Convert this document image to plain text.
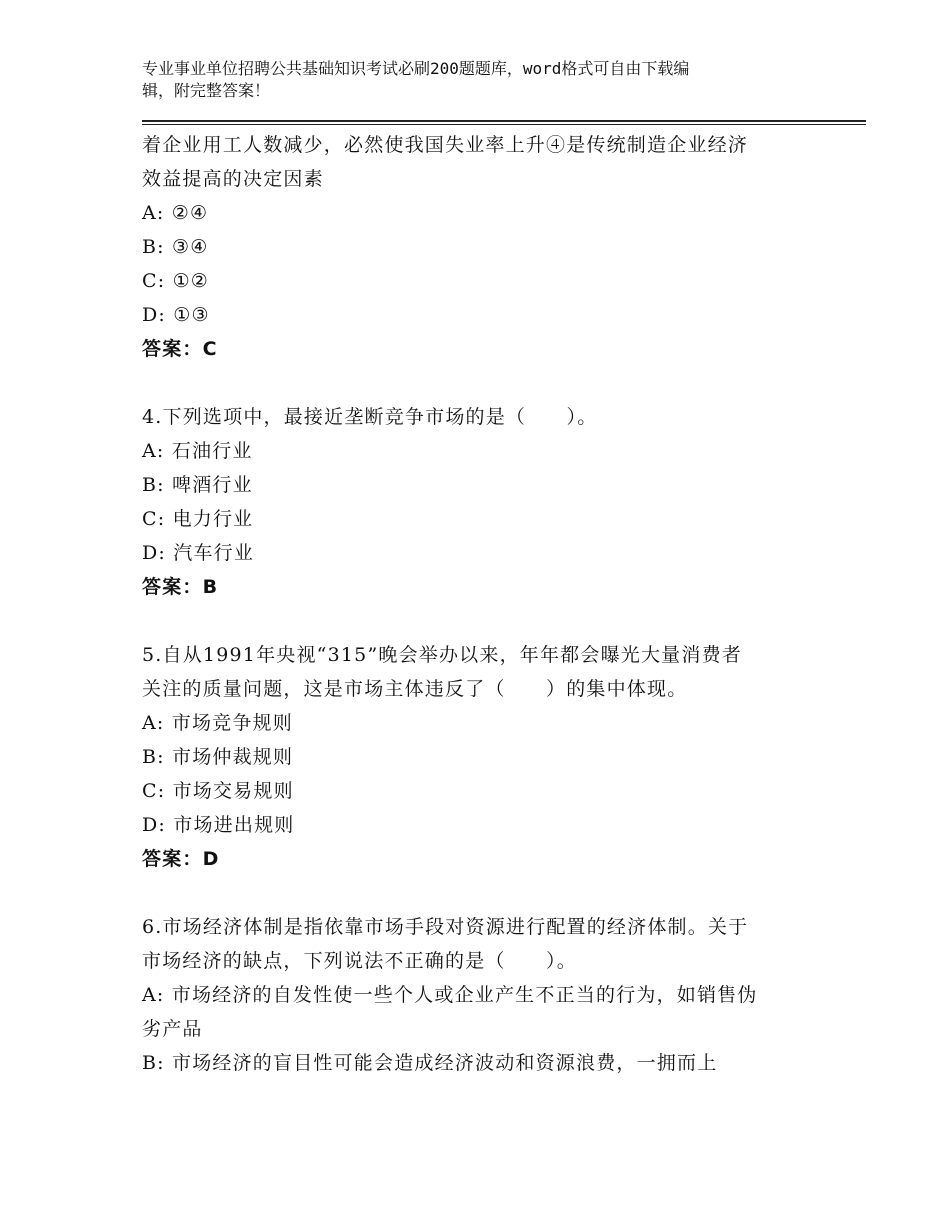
专业事业单位招聘公共基础知识考试必刷200题题库，word格式可自由下载编
辑，附完整答案！
着企业用工人数减少，必然使我国失业率上升④是传统制造企业经济
效益提高的决定因素
A: ②④
B: ③④
C: ①②
D: ①③
答案：C
4.下列选项中，最接近垄断竞争市场的是（　　）。
A: 石油行业
B: 啤酒行业
C: 电力行业
D: 汽车行业
答案：B
5.自从1991年央视“315”晚会举办以来，年年都会曝光大量消费者
关注的质量问题，这是市场主体违反了（　　）的集中体现。
A: 市场竞争规则
B: 市场仲裁规则
C: 市场交易规则
D: 市场进出规则
答案：D
6.市场经济体制是指依靠市场手段对资源进行配置的经济体制。关于
市场经济的缺点，下列说法不正确的是（　　）。
A: 市场经济的自发性使一些个人或企业产生不正当的行为，如销售伪
劣产品
B: 市场经济的盲目性可能会造成经济波动和资源浪费，一拥而上
